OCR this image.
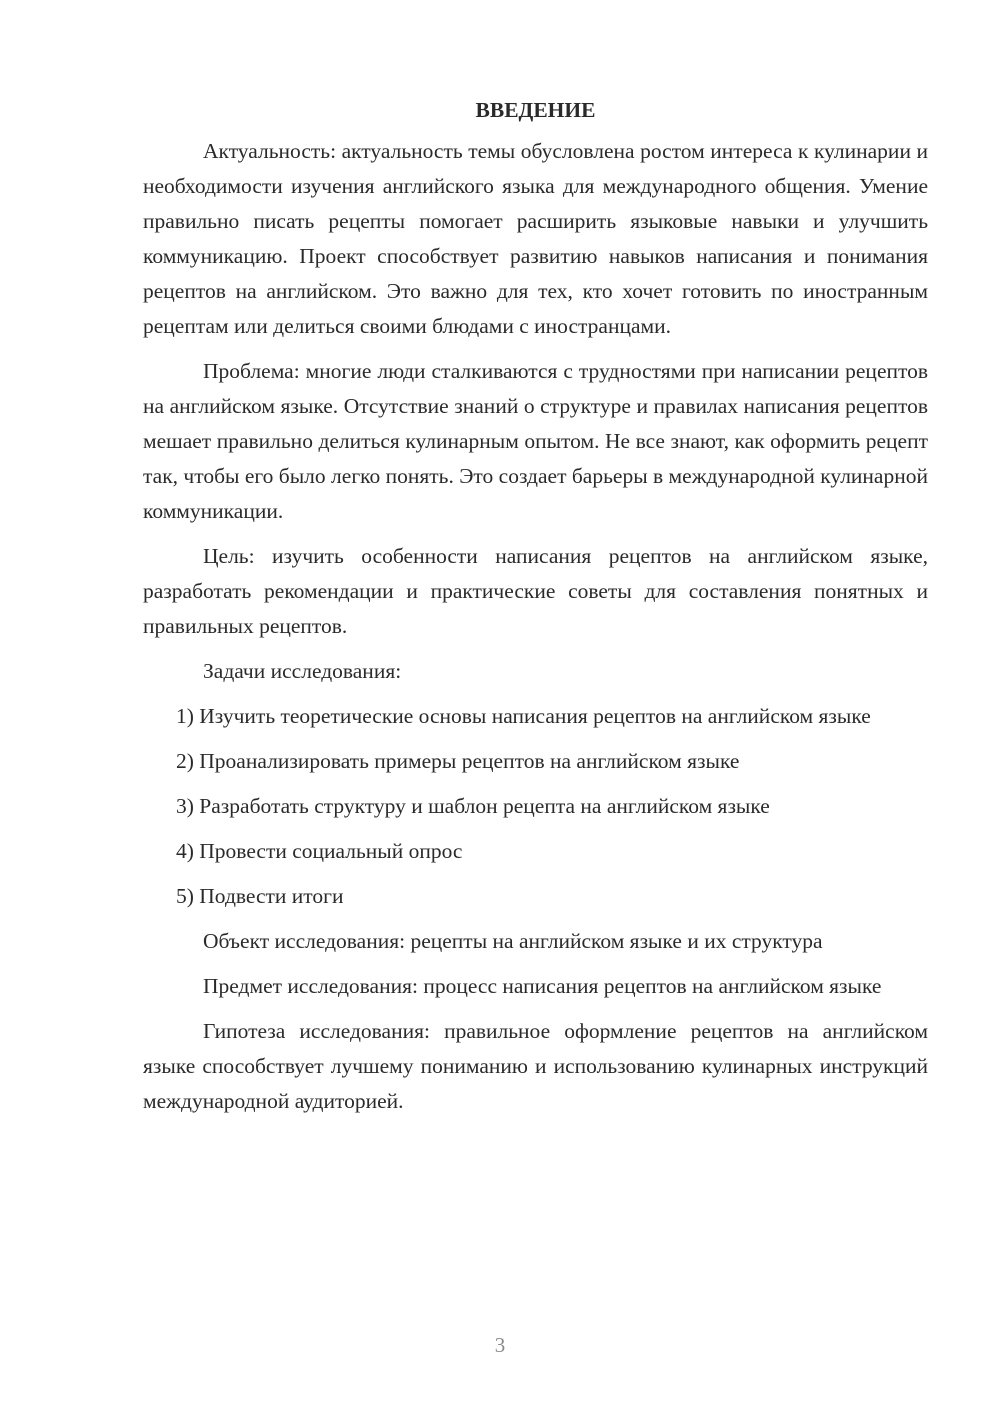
ВВЕДЕНИЕ

Актуальность: актуальность темы обусловлена ростом интереса к кулинарии и необходимости изучения английского языка для международного общения. Умение правильно писать рецепты помогает расширить языковые навыки и улучшить коммуникацию. Проект способствует развитию навыков написания и понимания рецептов на английском. Это важно для тех, кто хочет готовить по иностранным рецептам или делиться своими блюдами с иностранцами.

Проблема: многие люди сталкиваются с трудностями при написании рецептов на английском языке. Отсутствие знаний о структуре и правилах написания рецептов мешает правильно делиться кулинарным опытом. Не все знают, как оформить рецепт так, чтобы его было легко понять. Это создает барьеры в международной кулинарной коммуникации.

Цель: изучить особенности написания рецептов на английском языке, разработать рекомендации и практические советы для составления понятных и правильных рецептов.

Задачи исследования:

1) Изучить теоретические основы написания рецептов на английском языке

2) Проанализировать примеры рецептов на английском языке

3) Разработать структуру и шаблон рецепта на английском языке

4) Провести социальный опрос

5) Подвести итоги

Объект исследования: рецепты на английском языке и их структура

Предмет исследования: процесс написания рецептов на английском языке

Гипотеза исследования: правильное оформление рецептов на английском языке способствует лучшему пониманию и использованию кулинарных инструкций международной аудиторией.

3
